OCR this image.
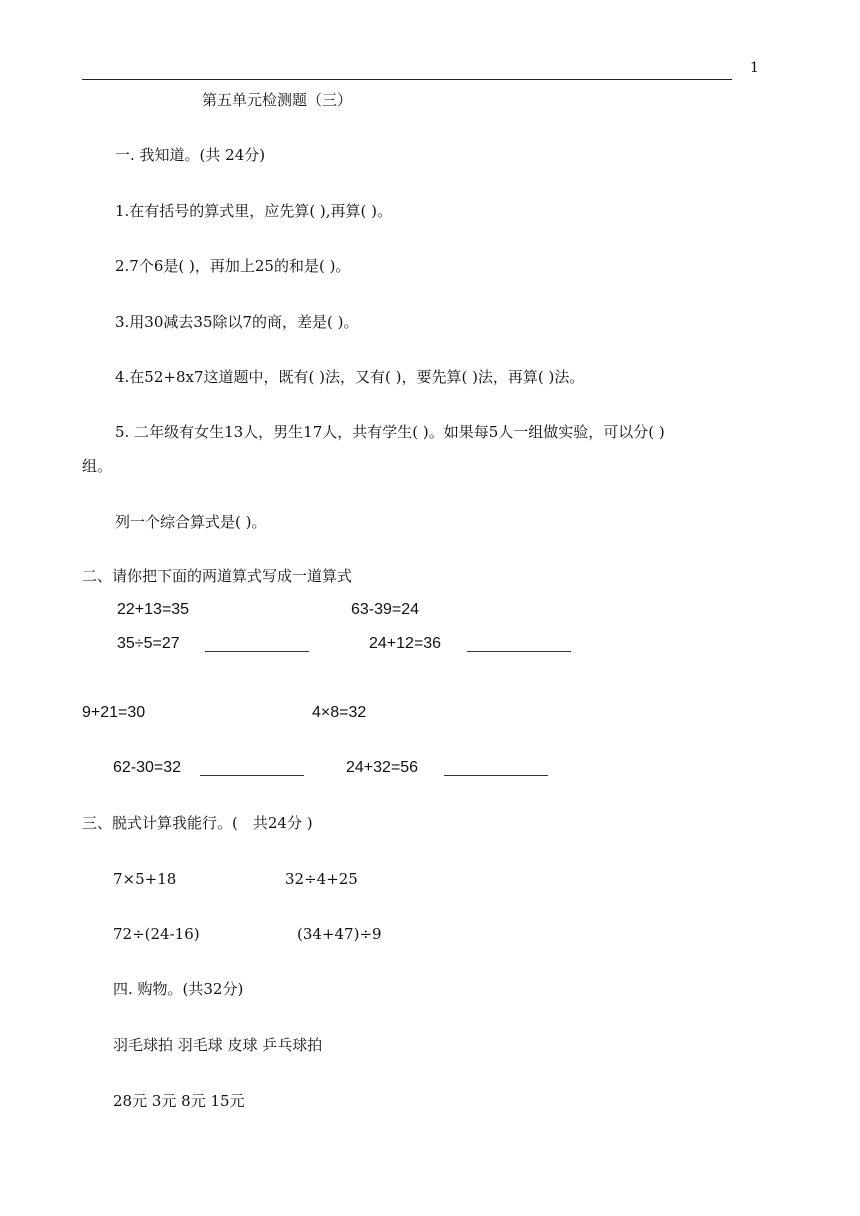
1
第五单元检测题（三）
一. 我知道。(共 24分)
1.在有括号的算式里，应先算( ),再算( )。
2.7个6是( )，再加上25的和是( )。
3.用30减去35除以7的商，差是( )。
4.在52+8x7这道题中，既有( )法，又有( )，要先算( )法，再算( )法。
5. 二年级有女生13人，男生17人，共有学生( )。如果每5人一组做实验，可以分( )
组。
列一个综合算式是( )。
二、请你把下面的两道算式写成一道算式
22+13=35
35÷5=27
63-39=24
24+12=36
9+21=30
62-30=32
4×8=32
24+32=56
三、脱式计算我能行。(　共24分 )
7×5+18	32÷4+25
72÷(24-16)	(34+47)÷9
四. 购物。(共32分)
羽毛球拍 羽毛球 皮球 乒乓球拍
28元 3元 8元 15元
